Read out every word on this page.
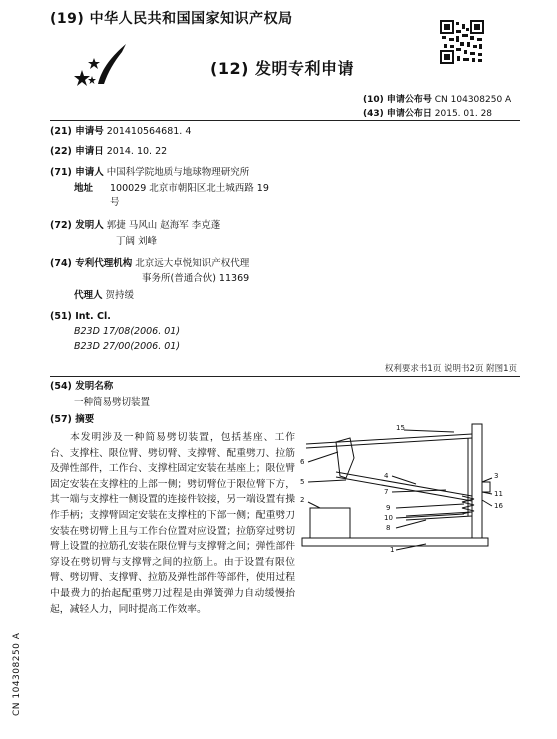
(19) 中华人民共和国国家知识产权局
(12) 发明专利申请
(10) 申请公布号 CN 104308250 A
(43) 申请公布日 2015. 01. 28
(21) 申请号 201410564681. 4
(22) 申请日 2014. 10. 22
(71) 申请人 中国科学院地质与地球物理研究所
地址 100029 北京市朝阳区北土城西路 19
号
(72) 发明人 郭捷 马风山 赵海军 李克蓬
丁阔 刘峰
(74) 专利代理机构 北京远大卓悦知识产权代理
事务所(普通合伙) 11369
代理人 贺持缓
(51) Int. Cl.
B23D 17/08(2006. 01)
B23D 27/00(2006. 01)
权利要求书1页 说明书2页 附图1页
(54) 发明名称
一种简易劈切装置
(57) 摘要
本发明涉及一种简易劈切装置，包括基座、工作台、支撑柱、限位臂、劈切臂、支撑臂、配重劈刀、拉筋及弹性部件，工作台、支撑柱固定安装在基座上；限位臂固定安装在支撑柱的上部一侧；劈切臂位于限位臂下方，其一端与支撑柱一侧设置的连接件铰接，另一端设置有操作手柄；支撑臂固定安装在支撑柱的下部一侧；配重劈刀安装在劈切臂上且与工作台位置对应设置；拉筋穿过劈切臂上设置的拉筋孔安装在限位臂与支撑臂之间；弹性部件穿设在劈切臂与支撑臂之间的拉筋上。由于设置有限位臂、劈切臂、支撑臂、拉筋及弹性部件等部件，使用过程中最费力的抬起配重劈刀过程是由弹簧弹力自动缓慢抬起，减轻人力，同时提高工作效率。
15
6
5
4
7
3
11
16
9
10
8
2
1
CN 104308250 A
